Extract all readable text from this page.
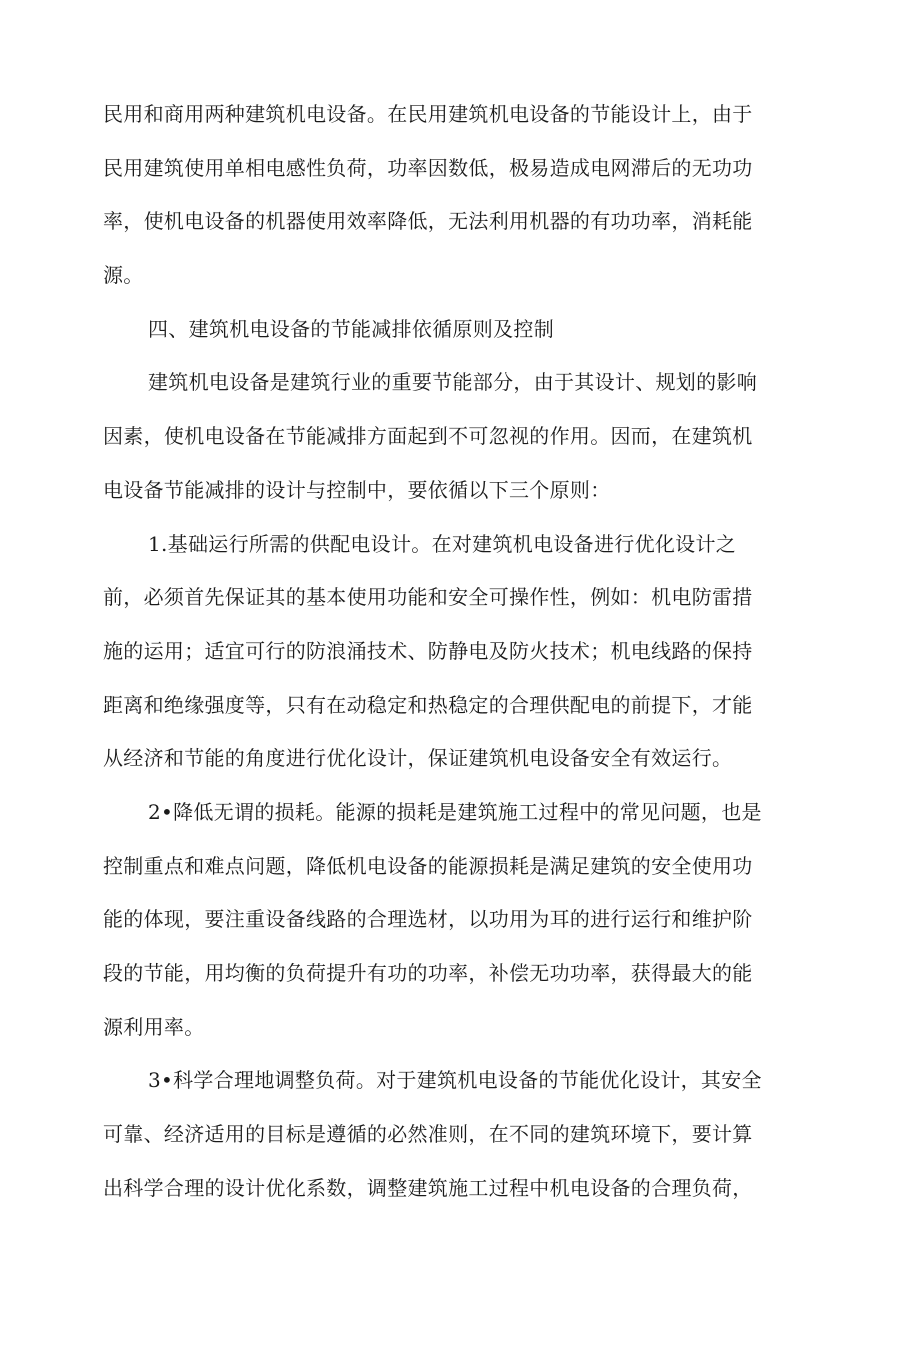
民用和商用两种建筑机电设备。在民用建筑机电设备的节能设计上，由于
民用建筑使用单相电感性负荷，功率因数低，极易造成电网滞后的无功功
率，使机电设备的机器使用效率降低，无法利用机器的有功功率，消耗能
源。
四、建筑机电设备的节能减排依循原则及控制
建筑机电设备是建筑行业的重要节能部分，由于其设计、规划的影响
因素，使机电设备在节能减排方面起到不可忽视的作用。因而，在建筑机
电设备节能减排的设计与控制中，要依循以下三个原则：
1.基础运行所需的供配电设计。在对建筑机电设备进行优化设计之
前，必须首先保证其的基本使用功能和安全可操作性，例如：机电防雷措
施的运用；适宜可行的防浪涌技术、防静电及防火技术；机电线路的保持
距离和绝缘强度等，只有在动稳定和热稳定的合理供配电的前提下，才能
从经济和节能的角度进行优化设计，保证建筑机电设备安全有效运行。
2•降低无谓的损耗。能源的损耗是建筑施工过程中的常见问题，也是
控制重点和难点问题，降低机电设备的能源损耗是满足建筑的安全使用功
能的体现，要注重设备线路的合理选材，以功用为耳的进行运行和维护阶
段的节能，用均衡的负荷提升有功的功率，补偿无功功率，获得最大的能
源利用率。
3•科学合理地调整负荷。对于建筑机电设备的节能优化设计，其安全
可靠、经济适用的目标是遵循的必然准则，在不同的建筑环境下，要计算
出科学合理的设计优化系数，调整建筑施工过程中机电设备的合理负荷，
